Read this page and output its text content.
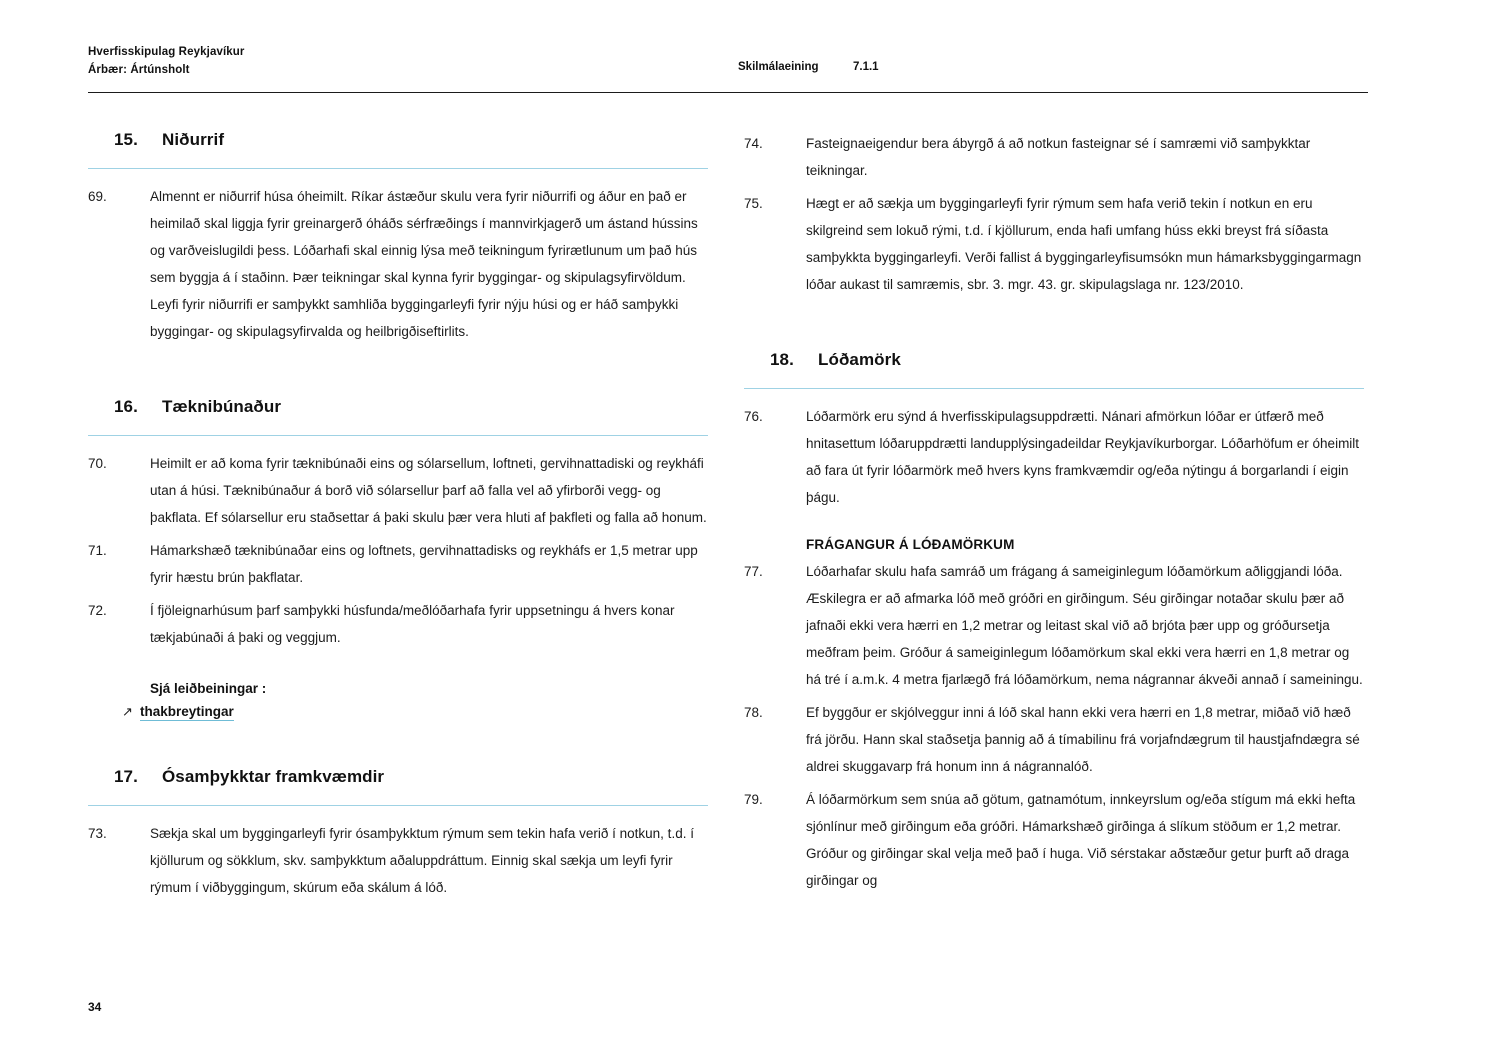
Hverfisskipulag Reykjavíkur
Árbær: Ártúnsholt	Skilmálaeining	7.1.1
15.	Niðurrif
69.	Almennt er niðurrif húsa óheimilt. Ríkar ástæður skulu vera fyrir niðurrifi og áður en það er heimilað skal liggja fyrir greinargerð óháðs sérfræðings í mannvirkjagerð um ástand hússins og varðveislugildi þess. Lóðarhafi skal einnig lýsa með teikningum fyrirætlunum um það hús sem byggja á í staðinn. Þær teikningar skal kynna fyrir byggingar- og skipulagsyfirvöldum. Leyfi fyrir niðurrifi er samþykkt samhliða byggingarleyfi fyrir nýju húsi og er háð samþykki byggingar- og skipulagsyfirvalda og heilbrigðiseftirlits.
16.	Tæknibúnaður
70.	Heimilt er að koma fyrir tæknibúnaði eins og sólarsellum, loftneti, gervihnattadiski og reykháfi utan á húsi. Tæknibúnaður á borð við sólarsellur þarf að falla vel að yfirborði vegg- og þakflata. Ef sólarsellur eru staðsettar á þaki skulu þær vera hluti af þakfleti og falla að honum.
71.	Hámarkshæð tæknibúnaðar eins og loftnets, gervihnattadisks og reykháfs er 1,5 metrar upp fyrir hæstu brún þakflatar.
72.	Í fjöleignarhúsum þarf samþykki húsfunda/meðlóðarhafa fyrir uppsetningu á hvers konar tækjabúnaði á þaki og veggjum.
Sjá leiðbeiningar :
↗ thakbreytingar
17.	Ósamþykktar framkvæmdir
73.	Sækja skal um byggingarleyfi fyrir ósamþykktum rýmum sem tekin hafa verið í notkun, t.d. í kjöllurum og sökklum, skv. samþykktum aðaluppdráttum. Einnig skal sækja um leyfi fyrir rýmum í viðbyggingum, skúrum eða skálum á lóð.
74.	Fasteignaeigendur bera ábyrgð á að notkun fasteignar sé í samræmi við samþykktar teikningar.
75.	Hægt er að sækja um byggingarleyfi fyrir rýmum sem hafa verið tekin í notkun en eru skilgreind sem lokuð rými, t.d. í kjöllurum, enda hafi umfang húss ekki breyst frá síðasta samþykkta byggingarleyfi. Verði fallist á byggingarleyfisumsókn mun hámarksbyggingarmagn lóðar aukast til samræmis, sbr. 3. mgr. 43. gr. skipulagslaga nr. 123/2010.
18.	Lóðamörk
76.	Lóðarmörk eru sýnd á hverfisskipulagsuppdrætti. Nánari afmörkun lóðar er útfærð með hnitasettum lóðaruppdrætti landupplýsingadeildar Reykjavíkurborgar. Lóðarhöfum er óheimilt að fara út fyrir lóðarmörk með hvers kyns framkvæmdir og/eða nýtingu á borgarlandi í eigin þágu.
FRÁGANGUR Á LÓÐAMÖRKUM
77.	Lóðarhafar skulu hafa samráð um frágang á sameiginlegum lóðamörkum aðliggjandi lóða. Æskilegra er að afmarka lóð með gróðri en girðingum. Séu girðingar notaðar skulu þær að jafnaði ekki vera hærri en 1,2 metrar og leitast skal við að brjóta þær upp og gróðursetja meðfram þeim. Gróður á sameiginlegum lóðamörkum skal ekki vera hærri en 1,8 metrar og há tré í a.m.k. 4 metra fjarlægð frá lóðamörkum, nema nágrannar ákveði annað í sameiningu.
78.	Ef byggður er skjólveggur inni á lóð skal hann ekki vera hærri en 1,8 metrar, miðað við hæð frá jörðu. Hann skal staðsetja þannig að á tímabilinu frá vorjafndægrum til haustjafndægra sé aldrei skuggavarp frá honum inn á nágrannalóð.
79.	Á lóðarmörkum sem snúa að götum, gatnamótum, innkeyrslum og/eða stígum má ekki hefta sjónlínur með girðingum eða gróðri. Hámarkshæð girðinga á slíkum stöðum er 1,2 metrar. Gróður og girðingar skal velja með það í huga. Við sérstakar aðstæður getur þurft að draga girðingar og
34
